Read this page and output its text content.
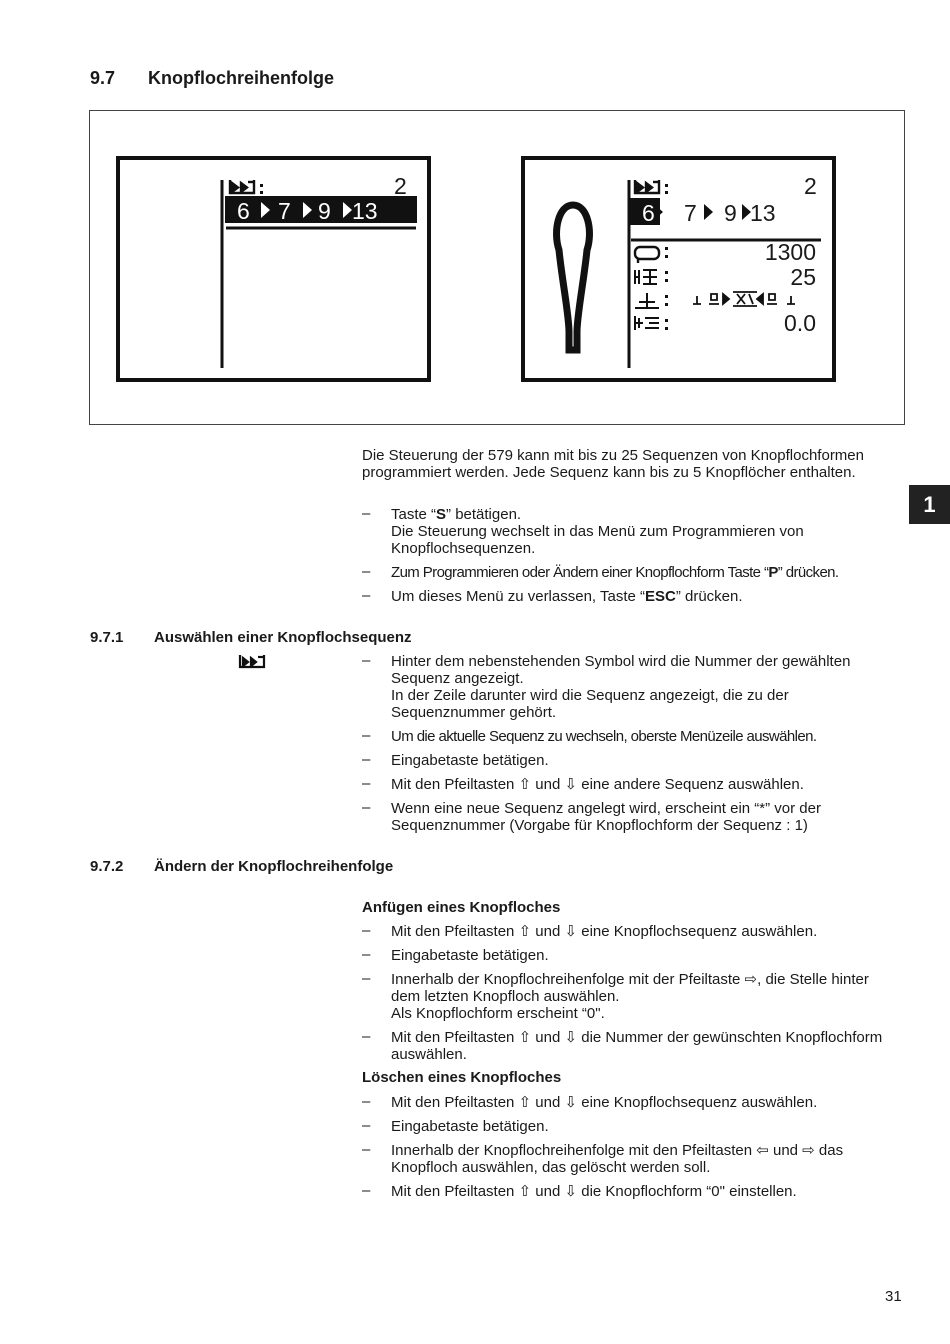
9.7 Knopflochreihenfolge
2
6 7 9 13
2
6 7 9 13
1300
25
0.0
1
Die Steuerung der 579 kann mit bis zu 25 Sequenzen von Knopflochformen programmiert werden. Jede Sequenz kann bis zu 5 Knopflöcher enthalten.
– Taste “S” betätigen.
Die Steuerung wechselt in das Menü zum Programmieren von Knopflochsequenzen.
– Zum Programmieren oder Ändern einer Knopflochform Taste “P” drücken.
– Um dieses Menü zu verlassen, Taste “ESC” drücken.
9.7.1 Auswählen einer Knopflochsequenz
– Hinter dem nebenstehenden Symbol wird die Nummer der gewählten Sequenz angezeigt.
In der Zeile darunter wird die Sequenz angezeigt, die zu der Sequenznummer gehört.
– Um die aktuelle Sequenz zu wechseln, oberste Menüzeile auswählen.
– Eingabetaste betätigen.
– Mit den Pfeiltasten ⇧ und ⇩ eine andere Sequenz auswählen.
– Wenn eine neue Sequenz angelegt wird, erscheint ein “*” vor der Sequenznummer (Vorgabe für Knopflochform der Sequenz : 1)
9.7.2 Ändern der Knopflochreihenfolge
Anfügen eines Knopfloches
– Mit den Pfeiltasten ⇧ und ⇩ eine Knopflochsequenz auswählen.
– Eingabetaste betätigen.
– Innerhalb der Knopflochreihenfolge mit der Pfeiltaste ⇨, die Stelle hinter dem letzten Knopfloch auswählen.
Als Knopflochform erscheint “0".
– Mit den Pfeiltasten ⇧ und ⇩ die Nummer der gewünschten Knopflochform auswählen.
Löschen eines Knopfloches
– Mit den Pfeiltasten ⇧ und ⇩ eine Knopflochsequenz auswählen.
– Eingabetaste betätigen.
– Innerhalb der Knopflochreihenfolge mit den Pfeiltasten ⇦ und ⇨ das Knopfloch auswählen, das gelöscht werden soll.
– Mit den Pfeiltasten ⇧ und ⇩ die Knopflochform “0" einstellen.
31
